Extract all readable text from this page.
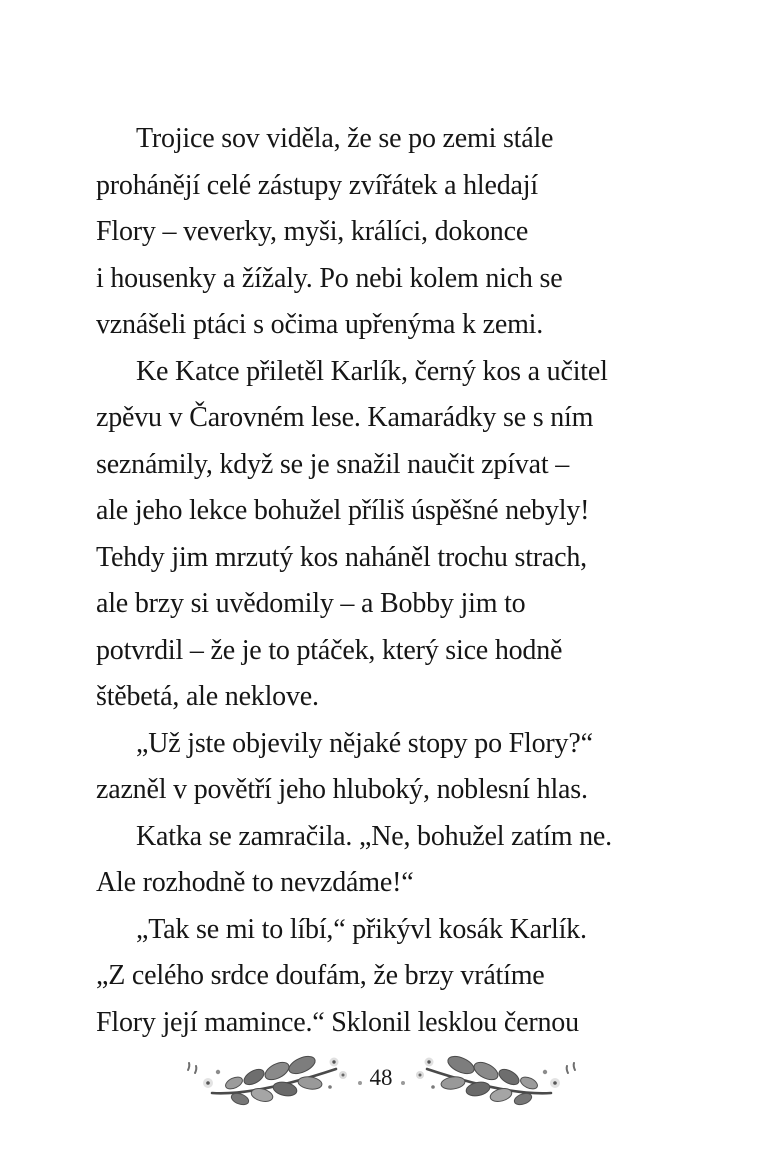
Trojice sov viděla, že se po zemi stále
prohánějí celé zástupy zvířátek a hledají
Flory – veverky, myši, králíci, dokonce
i housenky a žížaly. Po nebi kolem nich se
vznášeli ptáci s očima upřenýma k zemi.
Ke Katce přiletěl Karlík, černý kos a učitel
zpěvu v Čarovném lese. Kamarádky se s ním
seznámily, když se je snažil naučit zpívat –
ale jeho lekce bohužel příliš úspěšné nebyly!
Tehdy jim mrzutý kos naháněl trochu strach,
ale brzy si uvědomily – a Bobby jim to
potvrdil – že je to ptáček, který sice hodně
štěbetá, ale neklove.
„Už jste objevily nějaké stopy po Flory?“
zazněl v povětří jeho hluboký, noblesní hlas.
Katka se zamračila. „Ne, bohužel zatím ne.
Ale rozhodně to nevzdáme!“
„Tak se mi to líbí,“ přikývl kosák Karlík.
„Z celého srdce doufám, že brzy vrátíme
Flory její mamince.“ Sklonil lesklou černou
48
